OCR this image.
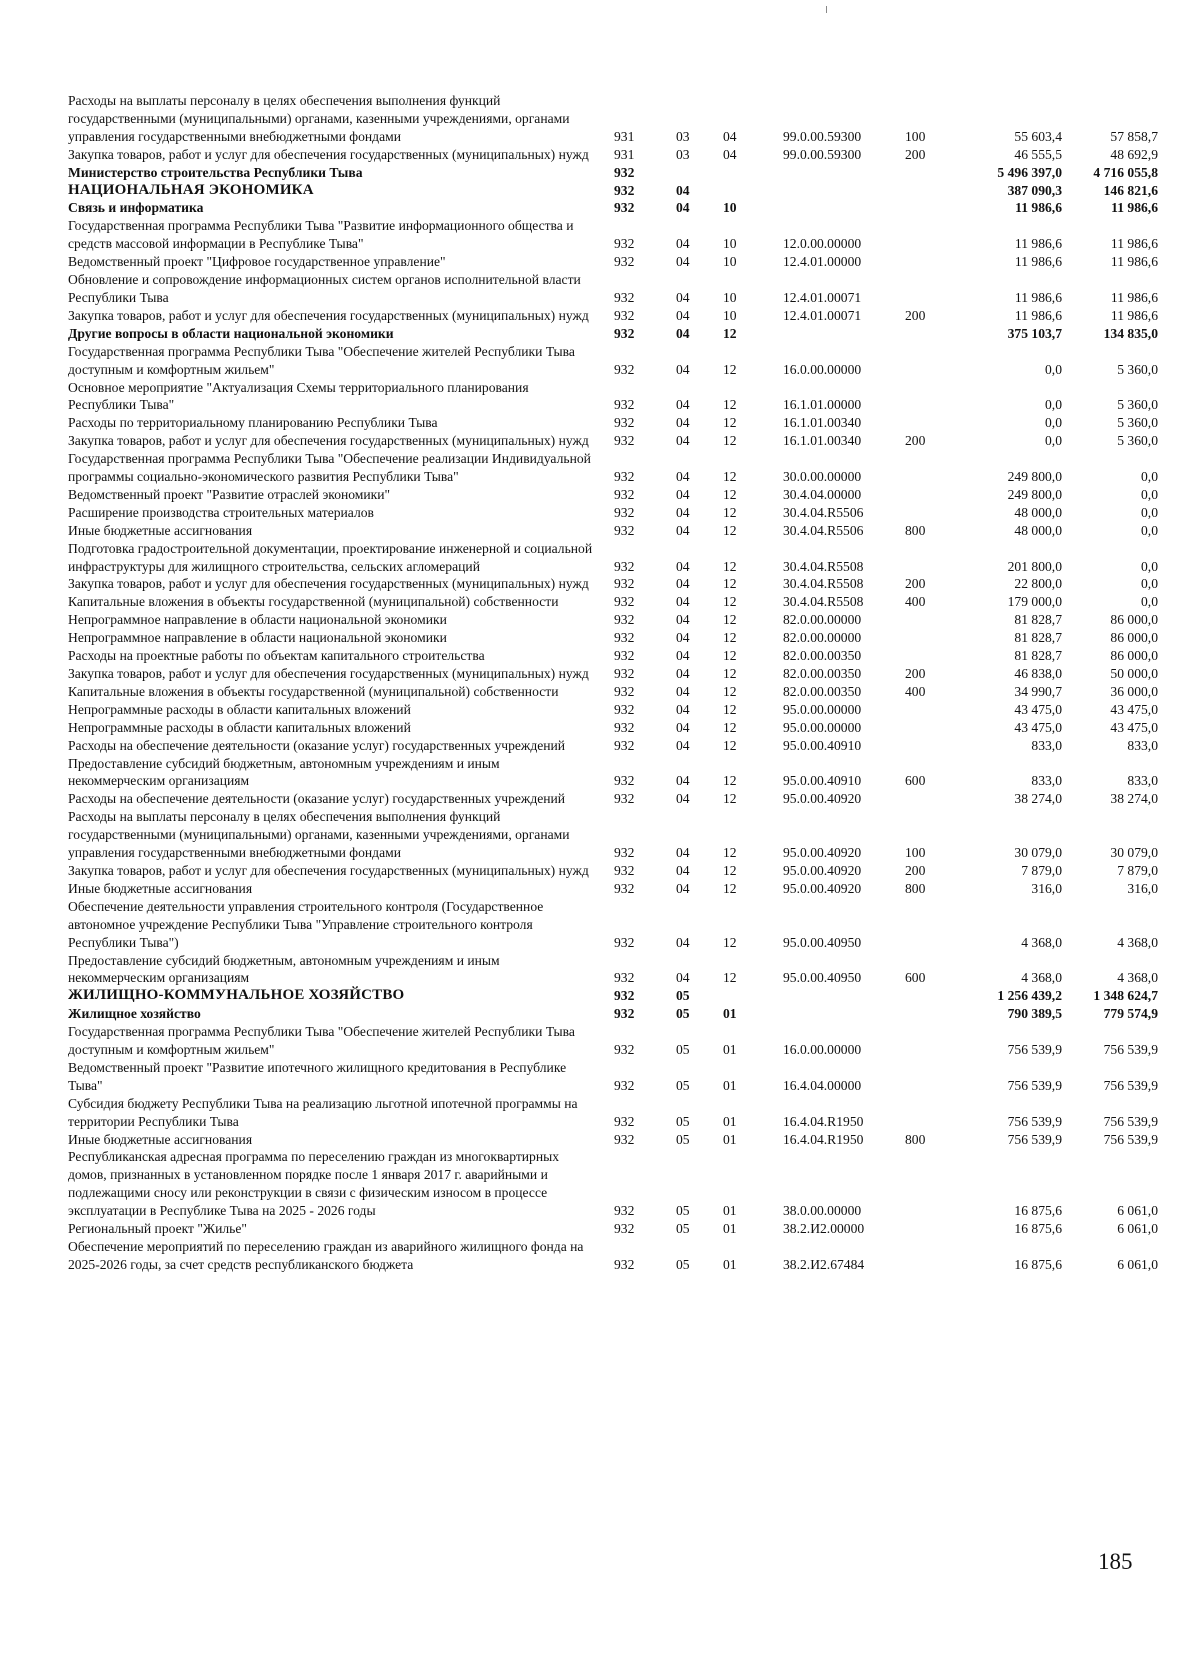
Расходы на выплаты персоналу в целях обеспечения выполнения функций государственными (муниципальными) органами, казенными учреждениями, органами управления государственными внебюджетными фондами	931	03	04	99.0.00.59300	100	55 603,4	57 858,7
Закупка товаров, работ и услуг для обеспечения государственных (муниципальных) нужд	931	03	04	99.0.00.59300	200	46 555,5	48 692,9
Министерство строительства Республики Тыва	932					5 496 397,0	4 716 055,8
НАЦИОНАЛЬНАЯ ЭКОНОМИКА	932	04				387 090,3	146 821,6
Связь и информатика	932	04	10			11 986,6	11 986,6
Государственная программа Республики Тыва "Развитие информационного общества и средств массовой информации в Республике Тыва"	932	04	10	12.0.00.00000		11 986,6	11 986,6
Ведомственный проект "Цифровое государственное управление"	932	04	10	12.4.01.00000		11 986,6	11 986,6
Обновление и сопровождение информационных систем органов исполнительной власти Республики Тыва	932	04	10	12.4.01.00071		11 986,6	11 986,6
Закупка товаров, работ и услуг для обеспечения государственных (муниципальных) нужд	932	04	10	12.4.01.00071	200	11 986,6	11 986,6
Другие вопросы в области национальной экономики	932	04	12			375 103,7	134 835,0
Государственная программа Республики Тыва "Обеспечение жителей Республики Тыва доступным и комфортным жильем"	932	04	12	16.0.00.00000		0,0	5 360,0
Основное мероприятие "Актуализация Схемы территориального планирования Республики Тыва"	932	04	12	16.1.01.00000		0,0	5 360,0
Расходы по территориальному планированию Республики Тыва	932	04	12	16.1.01.00340		0,0	5 360,0
Закупка товаров, работ и услуг для обеспечения государственных (муниципальных) нужд	932	04	12	16.1.01.00340	200	0,0	5 360,0
Государственная программа Республики Тыва "Обеспечение реализации Индивидуальной программы социально-экономического развития Республики Тыва"	932	04	12	30.0.00.00000		249 800,0	0,0
Ведомственный проект "Развитие отраслей экономики"	932	04	12	30.4.04.00000		249 800,0	0,0
Расширение производства строительных материалов	932	04	12	30.4.04.R5506		48 000,0	0,0
Иные бюджетные ассигнования	932	04	12	30.4.04.R5506	800	48 000,0	0,0
Подготовка градостроительной документации, проектирование инженерной и социальной инфраструктуры для жилищного строительства, сельских агломераций	932	04	12	30.4.04.R5508		201 800,0	0,0
Закупка товаров, работ и услуг для обеспечения государственных (муниципальных) нужд	932	04	12	30.4.04.R5508	200	22 800,0	0,0
Капитальные вложения в объекты государственной (муниципальной) собственности	932	04	12	30.4.04.R5508	400	179 000,0	0,0
Непрограммное направление в области национальной экономики	932	04	12	82.0.00.00000		81 828,7	86 000,0
Непрограммное направление в области национальной экономики	932	04	12	82.0.00.00000		81 828,7	86 000,0
Расходы на проектные работы по объектам капитального строительства	932	04	12	82.0.00.00350		81 828,7	86 000,0
Закупка товаров, работ и услуг для обеспечения государственных (муниципальных) нужд	932	04	12	82.0.00.00350	200	46 838,0	50 000,0
Капитальные вложения в объекты государственной (муниципальной) собственности	932	04	12	82.0.00.00350	400	34 990,7	36 000,0
Непрограммные расходы в области капитальных вложений	932	04	12	95.0.00.00000		43 475,0	43 475,0
Непрограммные расходы в области капитальных вложений	932	04	12	95.0.00.00000		43 475,0	43 475,0
Расходы на обеспечение деятельности (оказание услуг) государственных учреждений	932	04	12	95.0.00.40910		833,0	833,0
Предоставление субсидий бюджетным, автономным учреждениям и иным некоммерческим организациям	932	04	12	95.0.00.40910	600	833,0	833,0
Расходы на обеспечение деятельности (оказание услуг) государственных учреждений	932	04	12	95.0.00.40920		38 274,0	38 274,0
Расходы на выплаты персоналу в целях обеспечения выполнения функций государственными (муниципальными) органами, казенными учреждениями, органами управления государственными внебюджетными фондами	932	04	12	95.0.00.40920	100	30 079,0	30 079,0
Закупка товаров, работ и услуг для обеспечения государственных (муниципальных) нужд	932	04	12	95.0.00.40920	200	7 879,0	7 879,0
Иные бюджетные ассигнования	932	04	12	95.0.00.40920	800	316,0	316,0
Обеспечение деятельности управления строительного контроля (Государственное автономное учреждение Республики Тыва "Управление строительного контроля Республики Тыва")	932	04	12	95.0.00.40950		4 368,0	4 368,0
Предоставление субсидий бюджетным, автономным учреждениям и иным некоммерческим организациям	932	04	12	95.0.00.40950	600	4 368,0	4 368,0
ЖИЛИЩНО-КОММУНАЛЬНОЕ ХОЗЯЙСТВО	932	05				1 256 439,2	1 348 624,7
Жилищное хозяйство	932	05	01			790 389,5	779 574,9
Государственная программа Республики Тыва "Обеспечение жителей Республики Тыва доступным и комфортным жильем"	932	05	01	16.0.00.00000		756 539,9	756 539,9
Ведомственный проект "Развитие ипотечного жилищного кредитования в Республике Тыва"	932	05	01	16.4.04.00000		756 539,9	756 539,9
Субсидия бюджету Республики Тыва на реализацию льготной ипотечной программы на территории Республики Тыва	932	05	01	16.4.04.R1950		756 539,9	756 539,9
Иные бюджетные ассигнования	932	05	01	16.4.04.R1950	800	756 539,9	756 539,9
Республиканская адресная программа по переселению граждан из многоквартирных домов, признанных в установленном порядке после 1 января 2017 г. аварийными и подлежащими сносу или реконструкции в связи с физическим износом в процессе эксплуатации в Республике Тыва на 2025 - 2026 годы	932	05	01	38.0.00.00000		16 875,6	6 061,0
Региональный проект "Жилье"	932	05	01	38.2.И2.00000		16 875,6	6 061,0
Обеспечение мероприятий по переселению граждан из аварийного жилищного фонда на 2025-2026 годы, за счет средств республиканского бюджета	932	05	01	38.2.И2.67484		16 875,6	6 061,0
185
